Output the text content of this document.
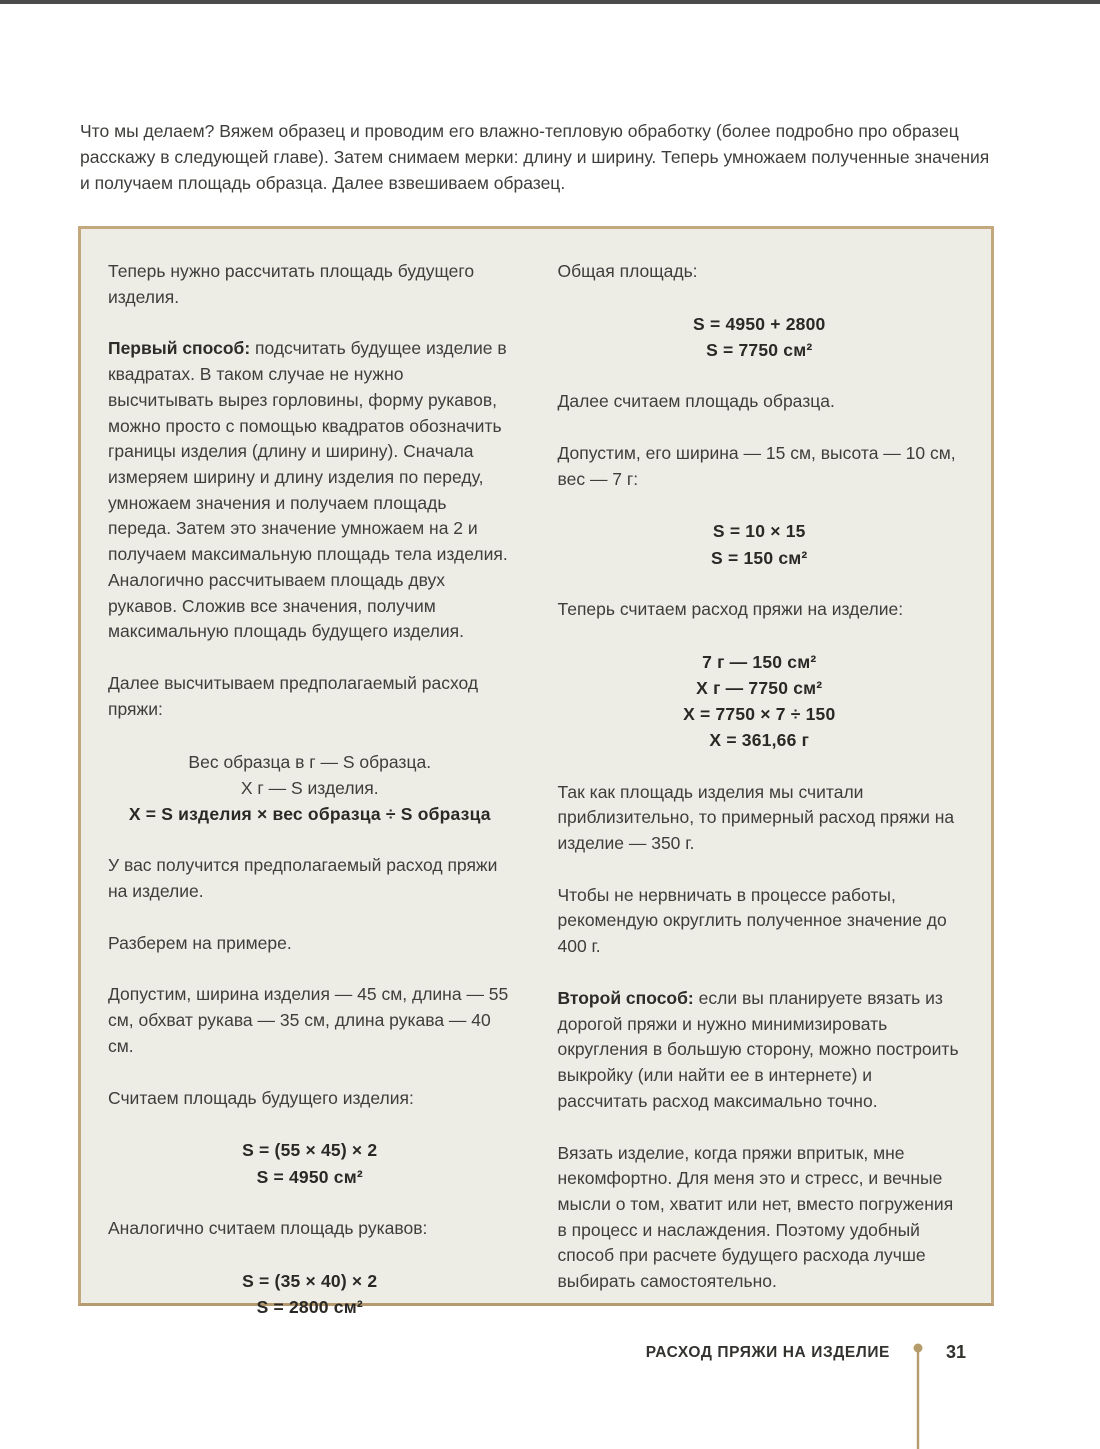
Что мы делаем? Вяжем образец и проводим его влажно-тепловую обработку (более подробно про образец расскажу в следующей главе). Затем снимаем мерки: длину и ширину. Теперь умножаем полученные значения и получаем площадь образца. Далее взвешиваем образец.

Теперь нужно рассчитать площадь будущего изделия.

Первый способ: подсчитать будущее изделие в квадратах. В таком случае не нужно высчитывать вырез горловины, форму рукавов, можно просто с помощью квадратов обозначить границы изделия (длину и ширину). Сначала измеряем ширину и длину изделия по переду, умножаем значения и получаем площадь переда. Затем это значение умножаем на 2 и получаем максимальную площадь тела изделия. Аналогично рассчитываем площадь двух рукавов. Сложив все значения, получим максимальную площадь будущего изделия.

Далее высчитываем предполагаемый расход пряжи:

Вес образца в г — S образца.
X г — S изделия.
X = S изделия × вес образца ÷ S образца

У вас получится предполагаемый расход пряжи на изделие.

Разберем на примере.

Допустим, ширина изделия — 45 см, длина — 55 см, обхват рукава — 35 см, длина рукава — 40 см.

Считаем площадь будущего изделия:

S = (55 × 45) × 2
S = 4950 см²

Аналогично считаем площадь рукавов:

S = (35 × 40) × 2
S = 2800 см²

Общая площадь:

S = 4950 + 2800
S = 7750 см²

Далее считаем площадь образца.

Допустим, его ширина — 15 см, высота — 10 см, вес — 7 г:

S = 10 × 15
S = 150 см²

Теперь считаем расход пряжи на изделие:

7 г — 150 см²
X г — 7750 см²
X = 7750 × 7 ÷ 150
X = 361,66 г

Так как площадь изделия мы считали приблизительно, то примерный расход пряжи на изделие — 350 г.

Чтобы не нервничать в процессе работы, рекомендую округлить полученное значение до 400 г.

Второй способ: если вы планируете вязать из дорогой пряжи и нужно минимизировать округления в большую сторону, можно построить выкройку (или найти ее в интернете) и рассчитать расход максимально точно.

Вязать изделие, когда пряжи впритык, мне некомфортно. Для меня это и стресс, и вечные мысли о том, хватит или нет, вместо погружения в процесс и наслаждения. Поэтому удобный способ при расчете будущего расхода лучше выбирать самостоятельно.

РАСХОД ПРЯЖИ НА ИЗДЕЛИЕ	31
